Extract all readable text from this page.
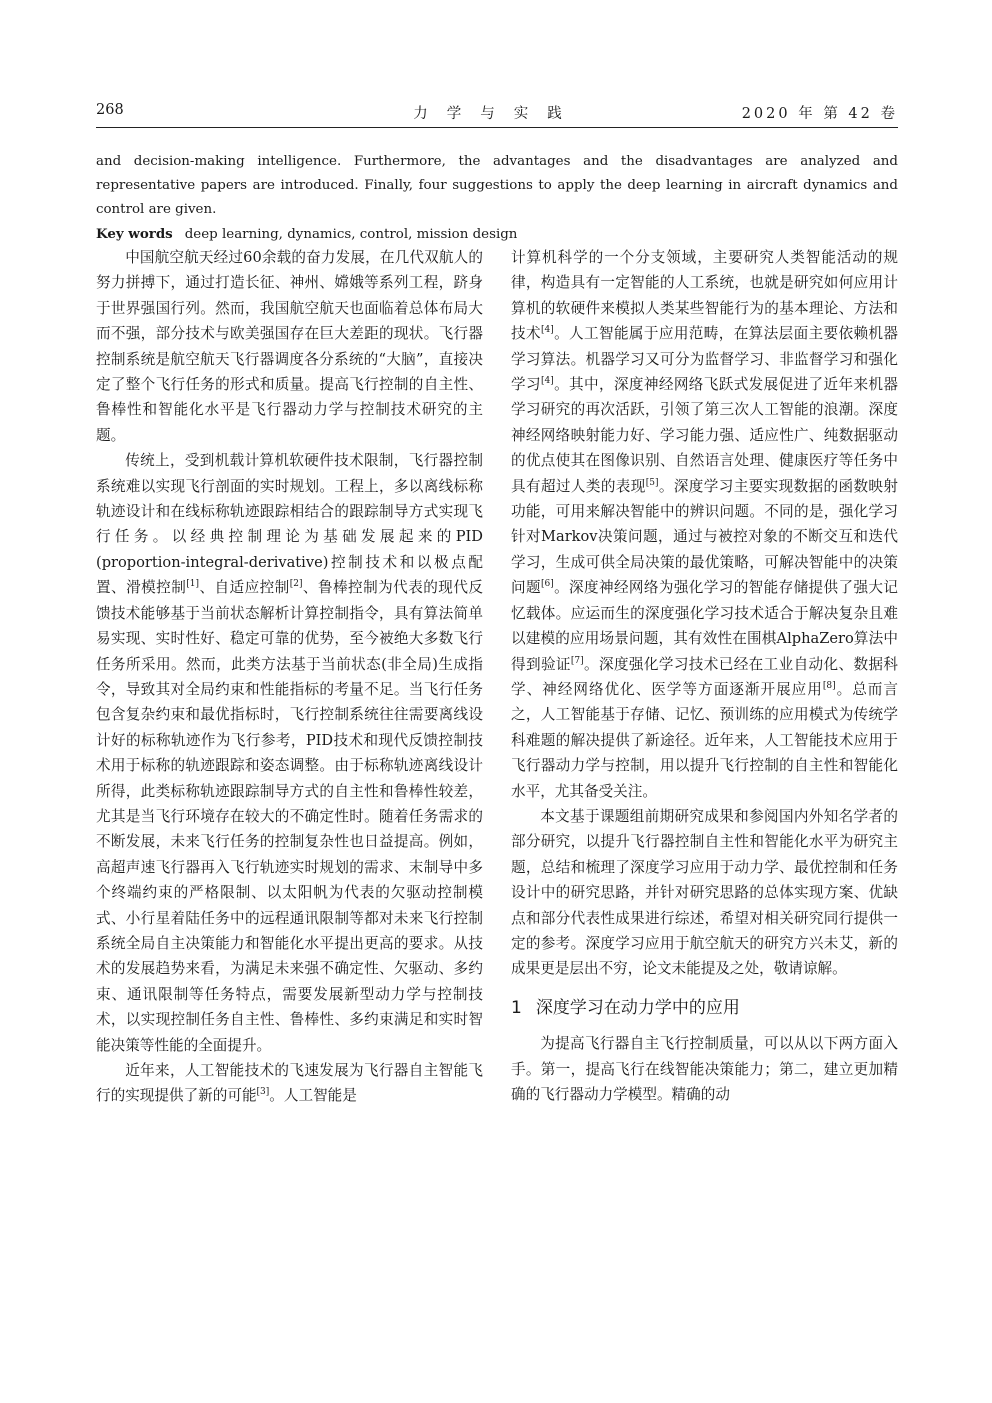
268	力学与实践	2020 年 第 42 卷

and decision-making intelligence. Furthermore, the advantages and the disadvantages are analyzed and representative papers are introduced. Finally, four suggestions to apply the deep learning in aircraft dynamics and control are given.

Key words deep learning, dynamics, control, mission design

中国航空航天经过60余载的奋力发展，在几代双航人的努力拼搏下，通过打造长征、神州、嫦娥等系列工程，跻身于世界强国行列。然而，我国航空航天也面临着总体布局大而不强，部分技术与欧美强国存在巨大差距的现状。飞行器控制系统是航空航天飞行器调度各分系统的“大脑”，直接决定了整个飞行任务的形式和质量。提高飞行控制的自主性、鲁棒性和智能化水平是飞行器动力学与控制技术研究的主题。

传统上，受到机载计算机软硬件技术限制，飞行器控制系统难以实现飞行剖面的实时规划。工程上，多以离线标称轨迹设计和在线标称轨迹跟踪相结合的跟踪制导方式实现飞行任务。以经典控制理论为基础发展起来的PID (proportion-integral-derivative)控制技术和以极点配置、滑模控制[1]、自适应控制[2]、鲁棒控制为代表的现代反馈技术能够基于当前状态解析计算控制指令，具有算法简单易实现、实时性好、稳定可靠的优势，至今被绝大多数飞行任务所采用。然而，此类方法基于当前状态(非全局)生成指令，导致其对全局约束和性能指标的考量不足。当飞行任务包含复杂约束和最优指标时，飞行控制系统往往需要离线设计好的标称轨迹作为飞行参考，PID技术和现代反馈控制技术用于标称的轨迹跟踪和姿态调整。由于标称轨迹离线设计所得，此类标称轨迹跟踪制导方式的自主性和鲁棒性较差，尤其是当飞行环境存在较大的不确定性时。随着任务需求的不断发展，未来飞行任务的控制复杂性也日益提高。例如，高超声速飞行器再入飞行轨迹实时规划的需求、末制导中多个终端约束的严格限制、以太阳帆为代表的欠驱动控制模式、小行星着陆任务中的远程通讯限制等都对未来飞行控制系统全局自主决策能力和智能化水平提出更高的要求。从技术的发展趋势来看，为满足未来强不确定性、欠驱动、多约束、通讯限制等任务特点，需要发展新型动力学与控制技术，以实现控制任务自主性、鲁棒性、多约束满足和实时智能决策等性能的全面提升。

近年来，人工智能技术的飞速发展为飞行器自主智能飞行的实现提供了新的可能[3]。人工智能是

计算机科学的一个分支领域，主要研究人类智能活动的规律，构造具有一定智能的人工系统，也就是研究如何应用计算机的软硬件来模拟人类某些智能行为的基本理论、方法和技术[4]。人工智能属于应用范畴，在算法层面主要依赖机器学习算法。机器学习又可分为监督学习、非监督学习和强化学习[4]。其中，深度神经网络飞跃式发展促进了近年来机器学习研究的再次活跃，引领了第三次人工智能的浪潮。深度神经网络映射能力好、学习能力强、适应性广、纯数据驱动的优点使其在图像识别、自然语言处理、健康医疗等任务中具有超过人类的表现[5]。深度学习主要实现数据的函数映射功能，可用来解决智能中的辨识问题。不同的是，强化学习针对Markov决策问题，通过与被控对象的不断交互和迭代学习，生成可供全局决策的最优策略，可解决智能中的决策问题[6]。深度神经网络为强化学习的智能存储提供了强大记忆载体。应运而生的深度强化学习技术适合于解决复杂且难以建模的应用场景问题，其有效性在围棋AlphaZero算法中得到验证[7]。深度强化学习技术已经在工业自动化、数据科学、神经网络优化、医学等方面逐渐开展应用[8]。总而言之，人工智能基于存储、记忆、预训练的应用模式为传统学科难题的解决提供了新途径。近年来，人工智能技术应用于飞行器动力学与控制，用以提升飞行控制的自主性和智能化水平，尤其备受关注。

本文基于课题组前期研究成果和参阅国内外知名学者的部分研究，以提升飞行器控制自主性和智能化水平为研究主题，总结和梳理了深度学习应用于动力学、最优控制和任务设计中的研究思路，并针对研究思路的总体实现方案、优缺点和部分代表性成果进行综述，希望对相关研究同行提供一定的参考。深度学习应用于航空航天的研究方兴未艾，新的成果更是层出不穷，论文未能提及之处，敬请谅解。

1 深度学习在动力学中的应用

为提高飞行器自主飞行控制质量，可以从以下两方面入手。第一，提高飞行在线智能决策能力；第二，建立更加精确的飞行器动力学模型。精确的动
